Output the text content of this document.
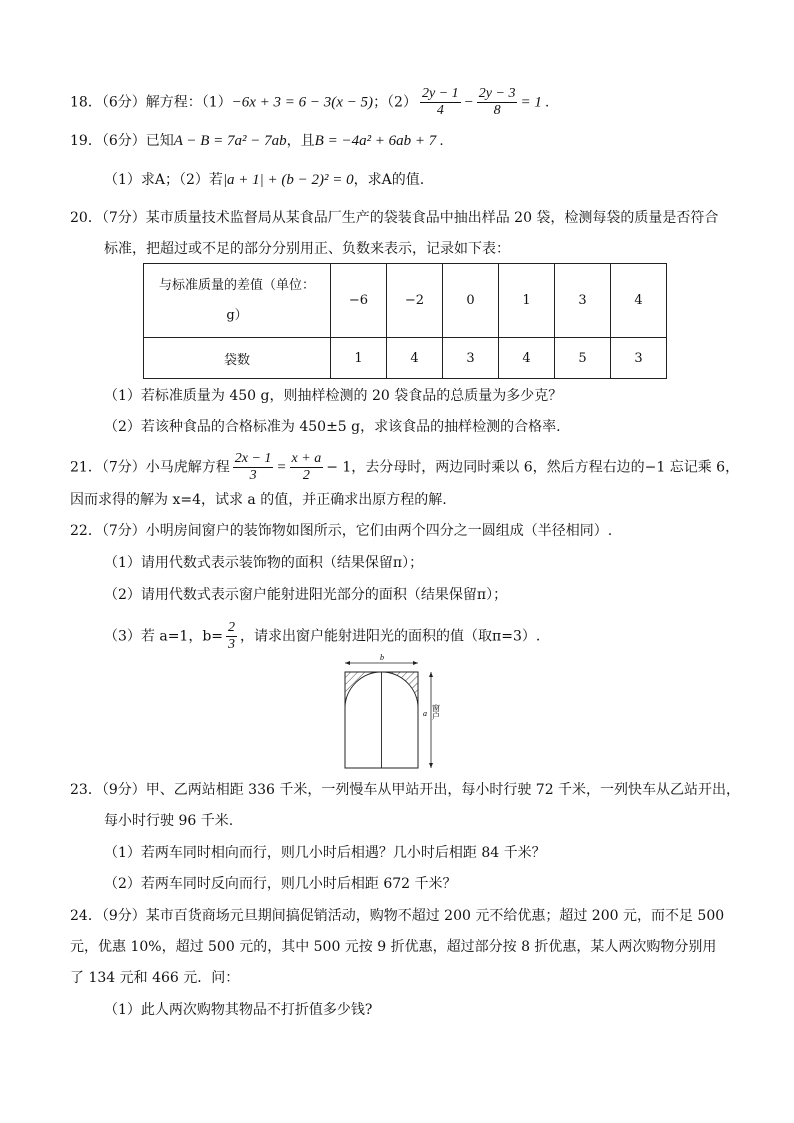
18．（6分）解方程：（1）−6x + 3 = 6 − 3(x − 5)；$(2) \frac{2y - 1}{4} - \frac{2y - 3}{8} = 1$ .
19．（6分）已知A − B = 7a² − 7ab，且B = −4a² + 6ab + 7 .
（1）求A；（2）若|a + 1| + (b − 2)² = 0，求A的值.
20．（7分）某市质量技术监督局从某食品厂生产的袋装食品中抽出样品 20 袋，检测每袋的质量是否符合
标准，把超过或不足的部分分别用正、负数来表示，记录如下表：
与标准质量的差值（单位：
g）	−6	−2	0	1	3	4
袋数	1	4	3	4	5	3
（1）若标准质量为 450 g，则抽样检测的 20 袋食品的总质量为多少克？
（2）若该种食品的合格标准为 450±5 g，求该食品的抽样检测的合格率.
21．（7分）小马虎解方程 $\frac{2x - 1}{3} = \frac{x + a}{2} - 1$，去分母时，两边同时乘以 6，然后方程右边的−1 忘记乘 6，
因而求得的解为 x=4，试求 a 的值，并正确求出原方程的解.
22．（7分）小明房间窗户的装饰物如图所示，它们由两个四分之一圆组成（半径相同）.
（1）请用代数式表示装饰物的面积（结果保留π）；
（2）请用代数式表示窗户能射进阳光部分的面积（结果保留π）；
（3）若 a=1，$b= \frac{2}{3}$ ，请求出窗户能射进阳光的面积的值（取π=3）.
b
a 窗户
23．（9分）甲、乙两站相距 336 千米，一列慢车从甲站开出，每小时行驶 72 千米，一列快车从乙站开出，
每小时行驶 96 千米.
（1）若两车同时相向而行，则几小时后相遇？几小时后相距 84 千米？
（2）若两车同时反向而行，则几小时后相距 672 千米？
24．（9分）某市百货商场元旦期间搞促销活动，购物不超过 200 元不给优惠；超过 200 元，而不足 500
元，优惠 10%，超过 500 元的，其中 500 元按 9 折优惠，超过部分按 8 折优惠，某人两次购物分别用
了 134 元和 466 元．问：
（1）此人两次购物其物品不打折值多少钱?
